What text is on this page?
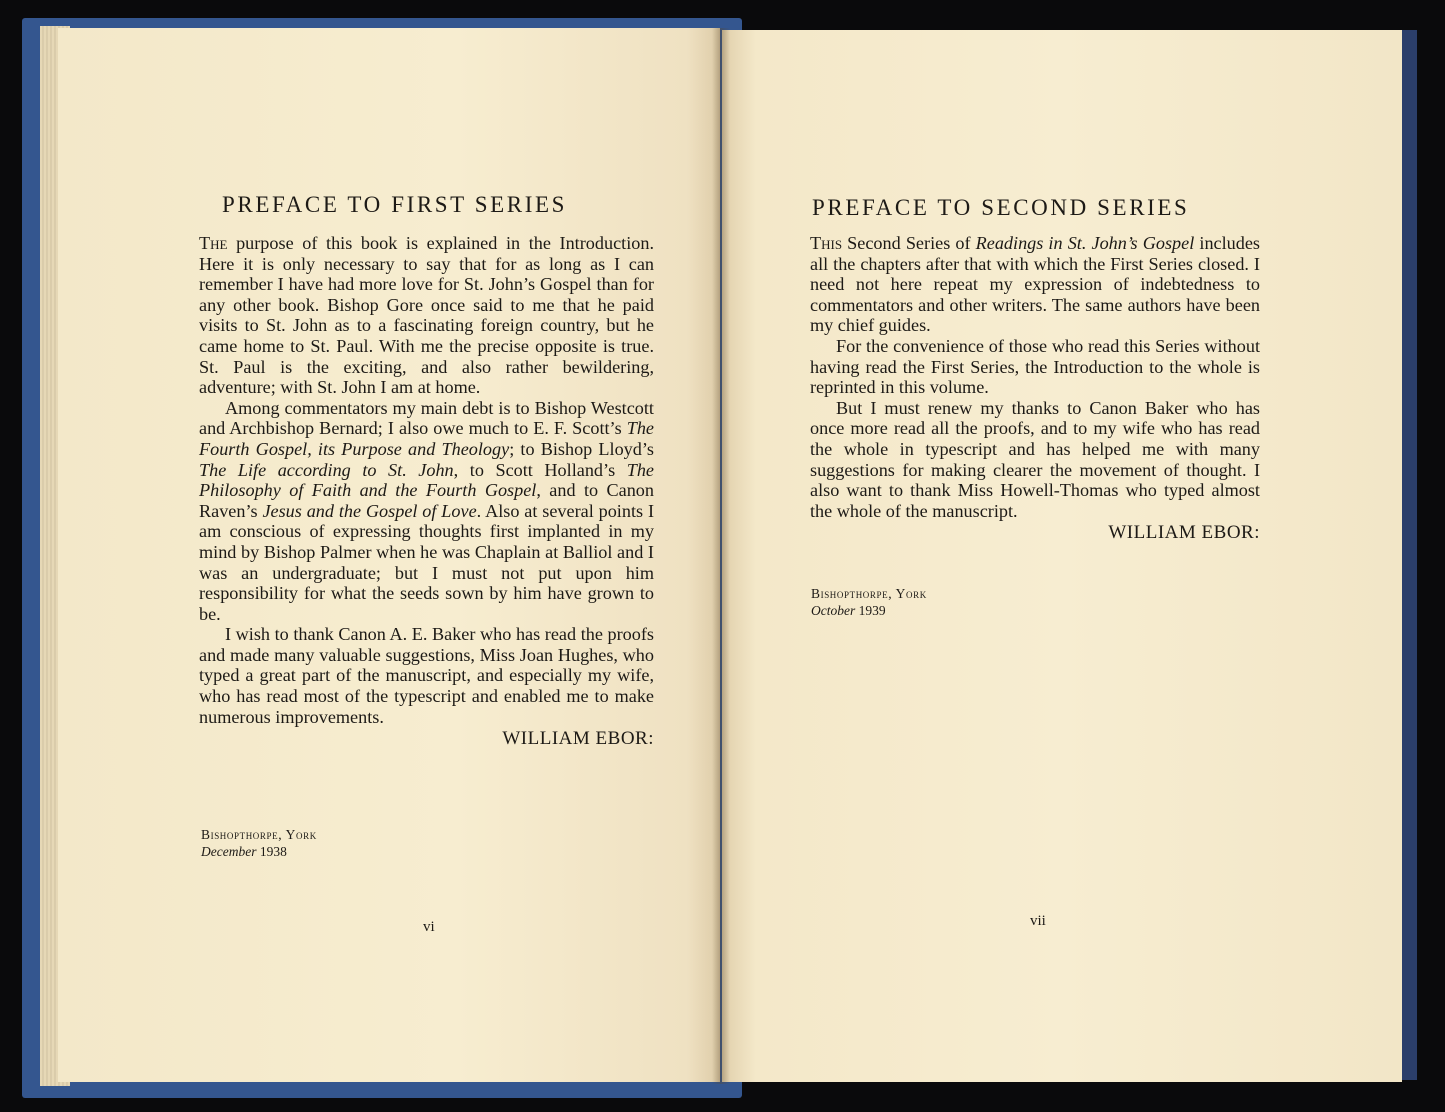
PREFACE TO FIRST SERIES

The purpose of this book is explained in the Introduction. Here it is only necessary to say that for as long as I can remember I have had more love for St. John’s Gospel than for any other book. Bishop Gore once said to me that he paid visits to St. John as to a fascinating foreign country, but he came home to St. Paul. With me the precise opposite is true. St. Paul is the exciting, and also rather bewildering, adventure; with St. John I am at home.

Among commentators my main debt is to Bishop Westcott and Archbishop Bernard; I also owe much to E. F. Scott’s The Fourth Gospel, its Purpose and Theology; to Bishop Lloyd’s The Life according to St. John, to Scott Holland’s The Philosophy of Faith and the Fourth Gospel, and to Canon Raven’s Jesus and the Gospel of Love. Also at several points I am conscious of expressing thoughts first implanted in my mind by Bishop Palmer when he was Chaplain at Balliol and I was an undergraduate; but I must not put upon him responsibility for what the seeds sown by him have grown to be.

I wish to thank Canon A. E. Baker who has read the proofs and made many valuable suggestions, Miss Joan Hughes, who typed a great part of the manuscript, and especially my wife, who has read most of the typescript and enabled me to make numerous improvements.

WILLIAM EBOR:
Bishopthorpe, York
December 1938
vi
PREFACE TO SECOND SERIES

This Second Series of Readings in St. John’s Gospel includes all the chapters after that with which the First Series closed. I need not here repeat my expression of indebtedness to commentators and other writers. The same authors have been my chief guides.

For the convenience of those who read this Series without having read the First Series, the Introduction to the whole is reprinted in this volume.

But I must renew my thanks to Canon Baker who has once more read all the proofs, and to my wife who has read the whole in typescript and has helped me with many suggestions for making clearer the movement of thought. I also want to thank Miss Howell-Thomas who typed almost the whole of the manuscript.

WILLIAM EBOR:
Bishopthorpe, York
October 1939
vii
